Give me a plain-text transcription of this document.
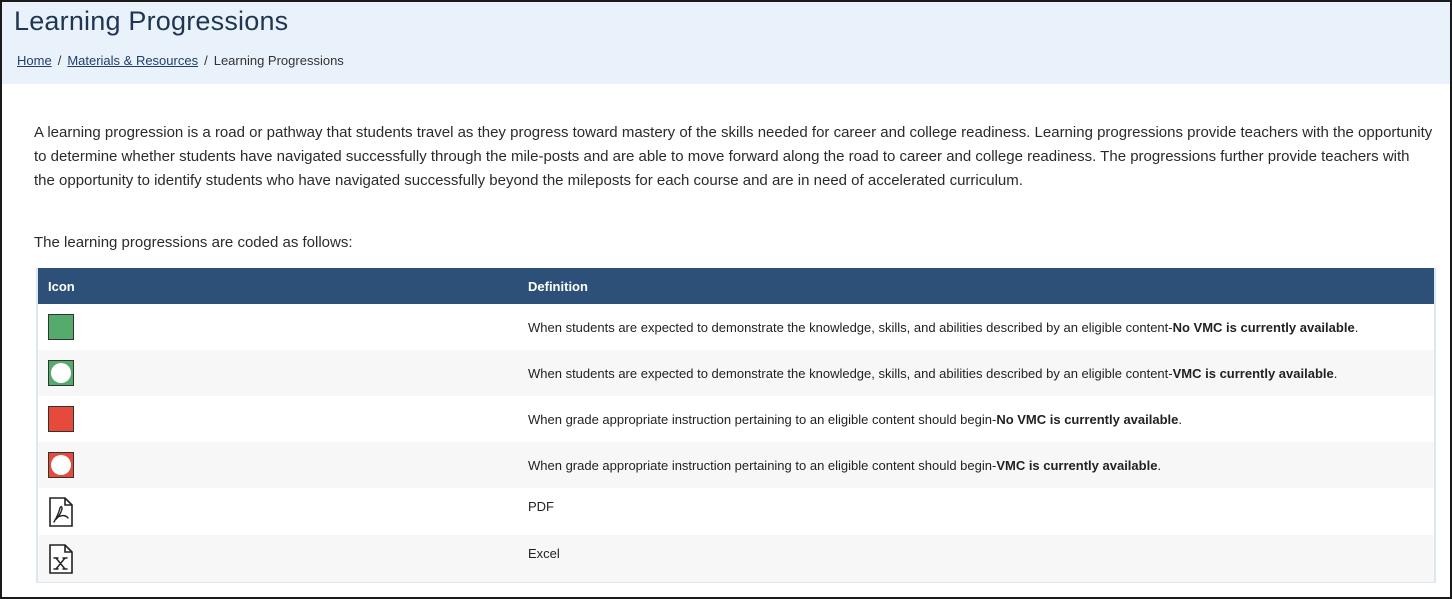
Learning Progressions
Home / Materials & Resources / Learning Progressions

A learning progression is a road or pathway that students travel as they progress toward mastery of the skills needed for career and college readiness. Learning progressions provide teachers with the opportunity to determine whether students have navigated successfully through the mile-posts and are able to move forward along the road to career and college readiness. The progressions further provide teachers with the opportunity to identify students who have navigated successfully beyond the mileposts for each course and are in need of accelerated curriculum.

The learning progressions are coded as follows:

Icon	Definition

	When students are expected to demonstrate the knowledge, skills, and abilities described by an eligible content-No VMC is currently available.

	When students are expected to demonstrate the knowledge, skills, and abilities described by an eligible content-VMC is currently available.

	When grade appropriate instruction pertaining to an eligible content should begin-No VMC is currently available.

	When grade appropriate instruction pertaining to an eligible content should begin-VMC is currently available.

	PDF

	Excel
